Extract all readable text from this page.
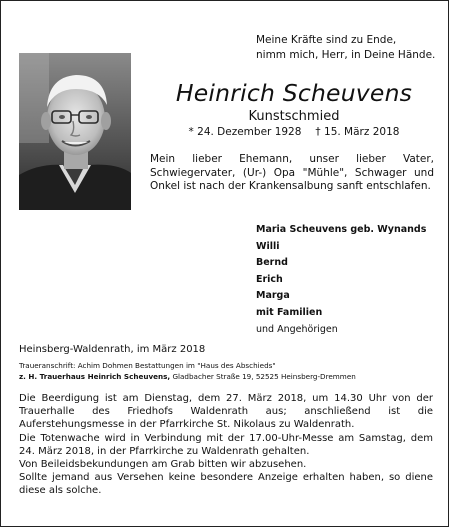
Meine Kräfte sind zu Ende,
nimm mich, Herr, in Deine Hände.
Heinrich Scheuvens
Kunstschmied
* 24. Dezember 1928 † 15. März 2018
Mein lieber Ehemann, unser lieber Vater, Schwiegervater, (Ur-) Opa "Mühle", Schwager und Onkel ist nach der Krankensalbung sanft entschlafen.
Maria Scheuvens geb. Wynands
Willi
Bernd
Erich
Marga
mit Familien
und Angehörigen
Heinsberg-Waldenrath, im März 2018
Traueranschrift: Achim Dohmen Bestattungen im "Haus des Abschieds"
z. H. Trauerhaus Heinrich Scheuvens, Gladbacher Straße 19, 52525 Heinsberg-Dremmen

Die Beerdigung ist am Dienstag, dem 27. März 2018, um 14.30 Uhr von der Trauerhalle des Friedhofs Waldenrath aus; anschließend ist die Auferstehungsmesse in der Pfarrkirche St. Nikolaus zu Waldenrath.

Die Totenwache wird in Verbindung mit der 17.00-Uhr-Messe am Samstag, dem 24. März 2018, in der Pfarrkirche zu Waldenrath gehalten.

Von Beileidsbekundungen am Grab bitten wir abzusehen.

Sollte jemand aus Versehen keine besondere Anzeige erhalten haben, so diene diese als solche.
